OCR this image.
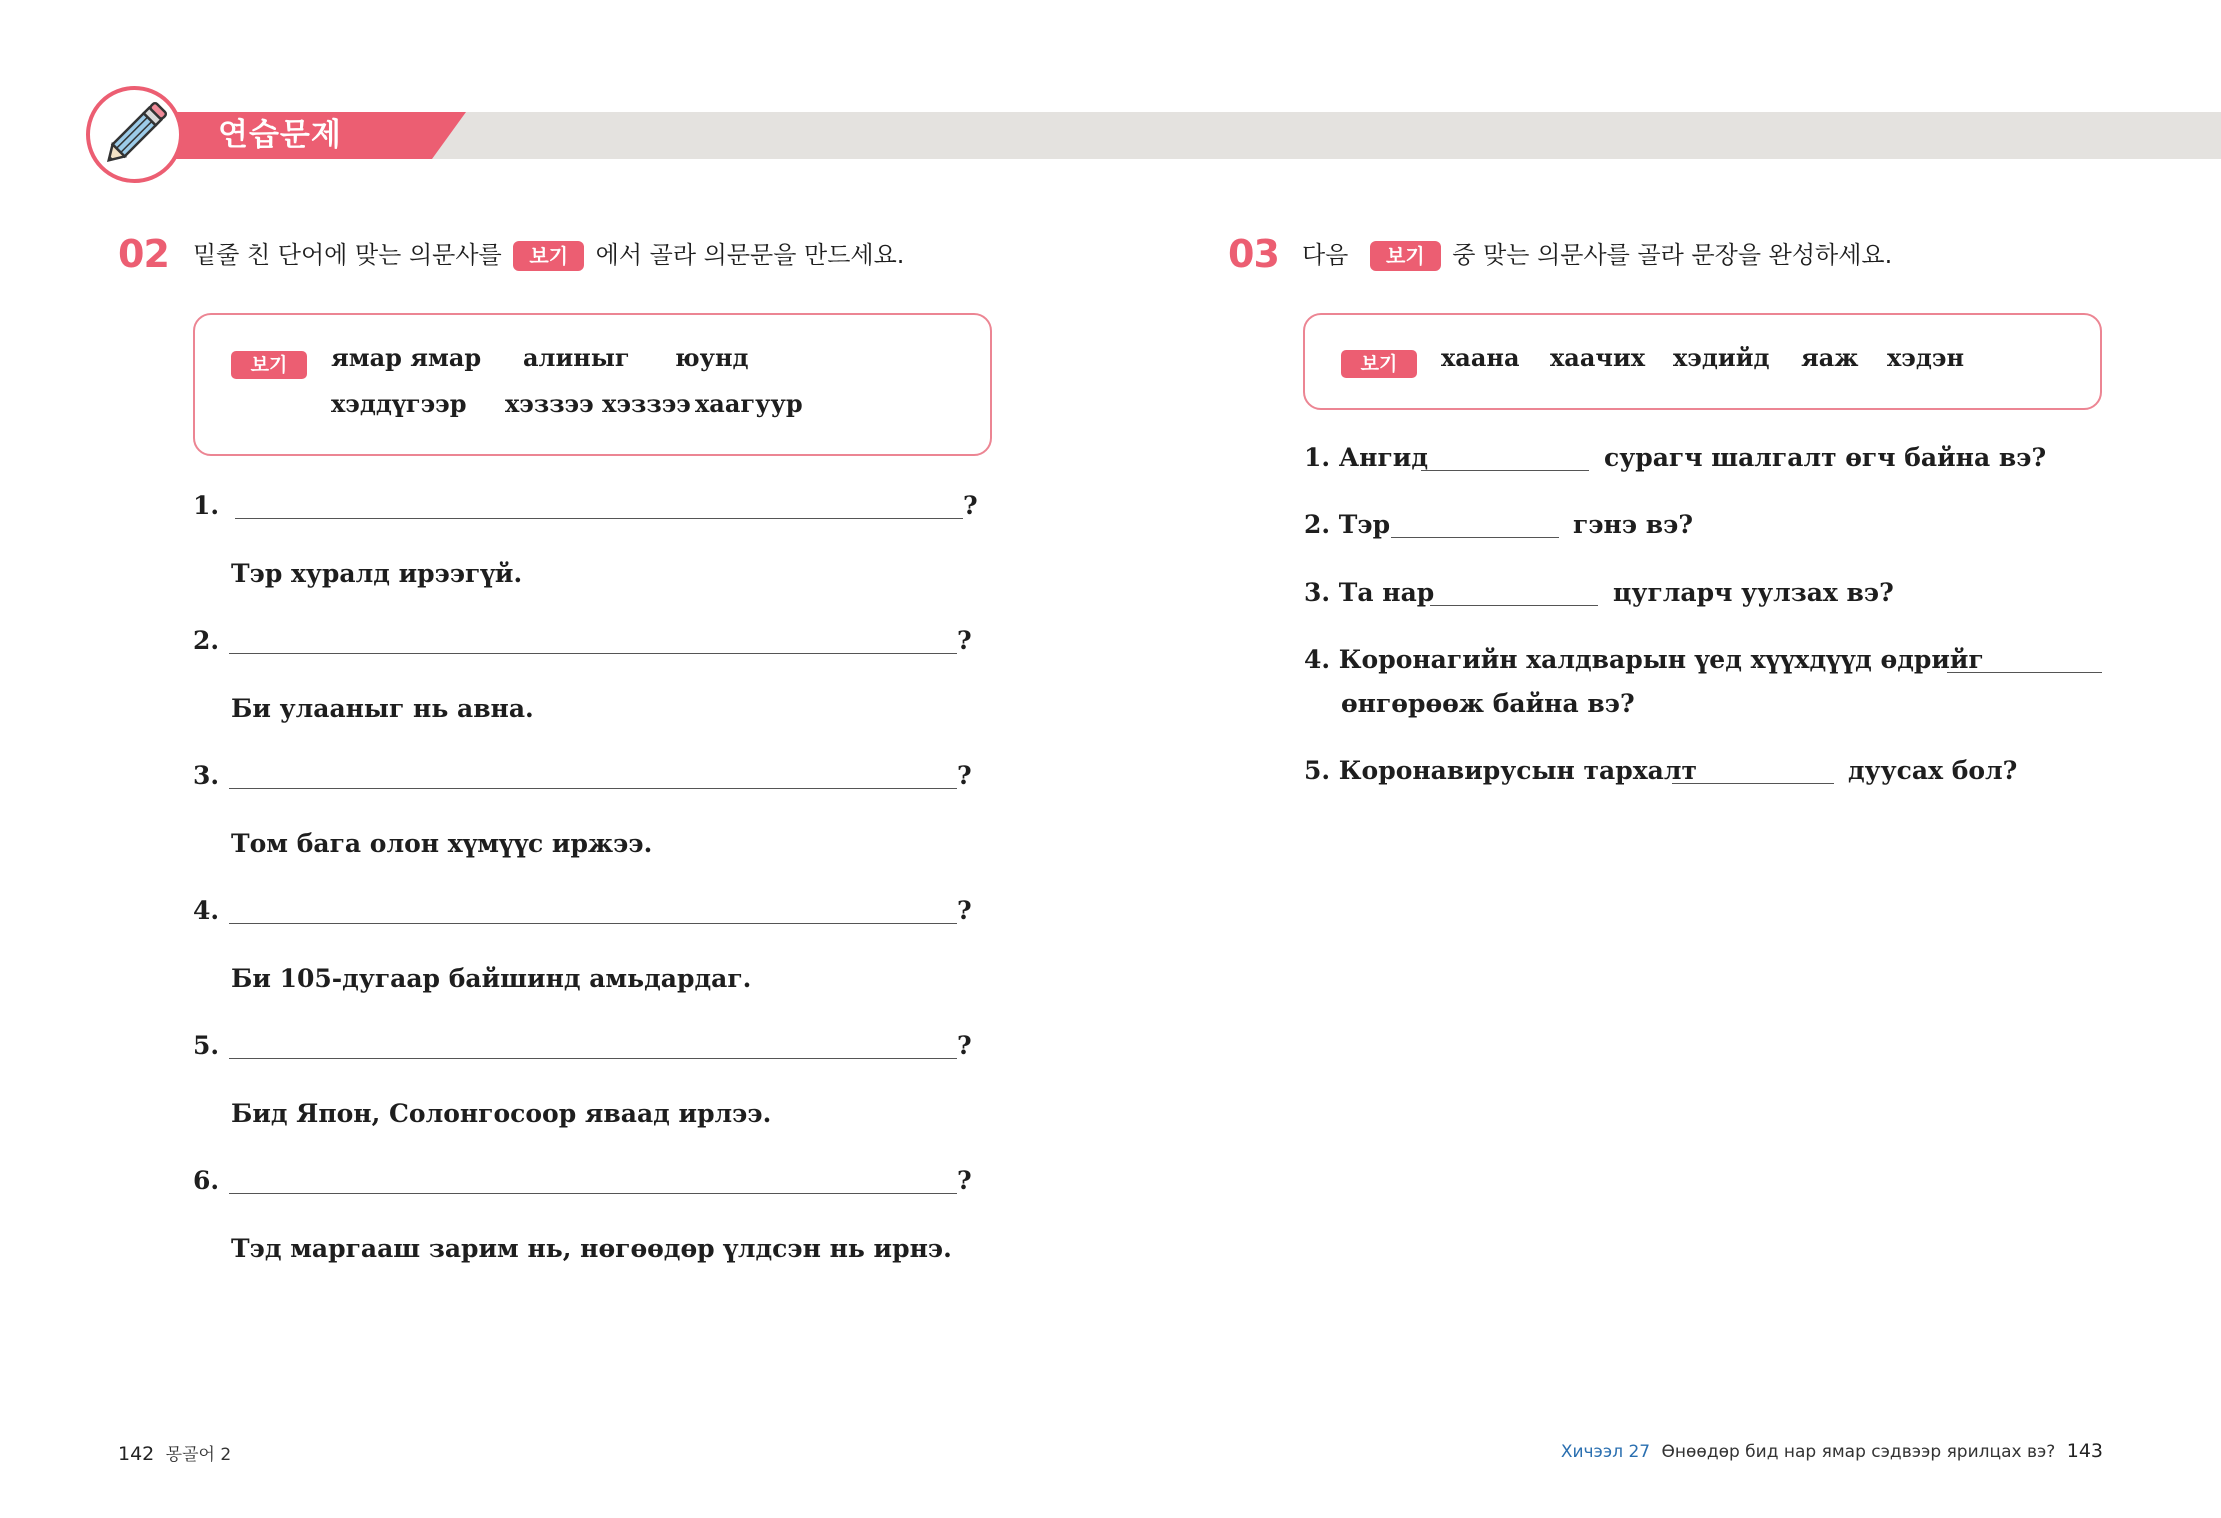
연습문제
02 밑줄 친 단어에 맞는 의문사를 보기 에서 골라 의문문을 만드세요.
보기	ямар ямар алиныг юунд
хэддүгээр хэззээ хэззээ хаагуур
1.	?
Тэр хуралд ирээгүй.
2.	?
Би улааныг нь авна.
3.	?
Том бага олон хүмүүс иржээ.
4.	?
Би 105-дугаар байшинд амьдардаг.
5.	?
Бид Япон, Солонгосоор яваад ирлээ.
6.	?
Тэд маргааш зарим нь, нөгөөдөр үлдсэн нь ирнэ.
03 다음 보기 중 맞는 의문사를 골라 문장을 완성하세요.
보기	хаана хаачих хэдийд яаж хэдэн
1. Ангид	сурагч шалгалт өгч байна вэ?
2. Тэр	гэнэ вэ?
3. Та нар	цугларч уулзах вэ?
4. Коронагийн халдварын үед хүүхдүүд өдрийг
өнгөрөөж байна вэ?
5. Коронавирусын тархалт	дуусах бол?
142 몽골어 2	Хичээл 27 Өнөөдөр бид нар ямар сэдвээр ярилцах вэ? 143
